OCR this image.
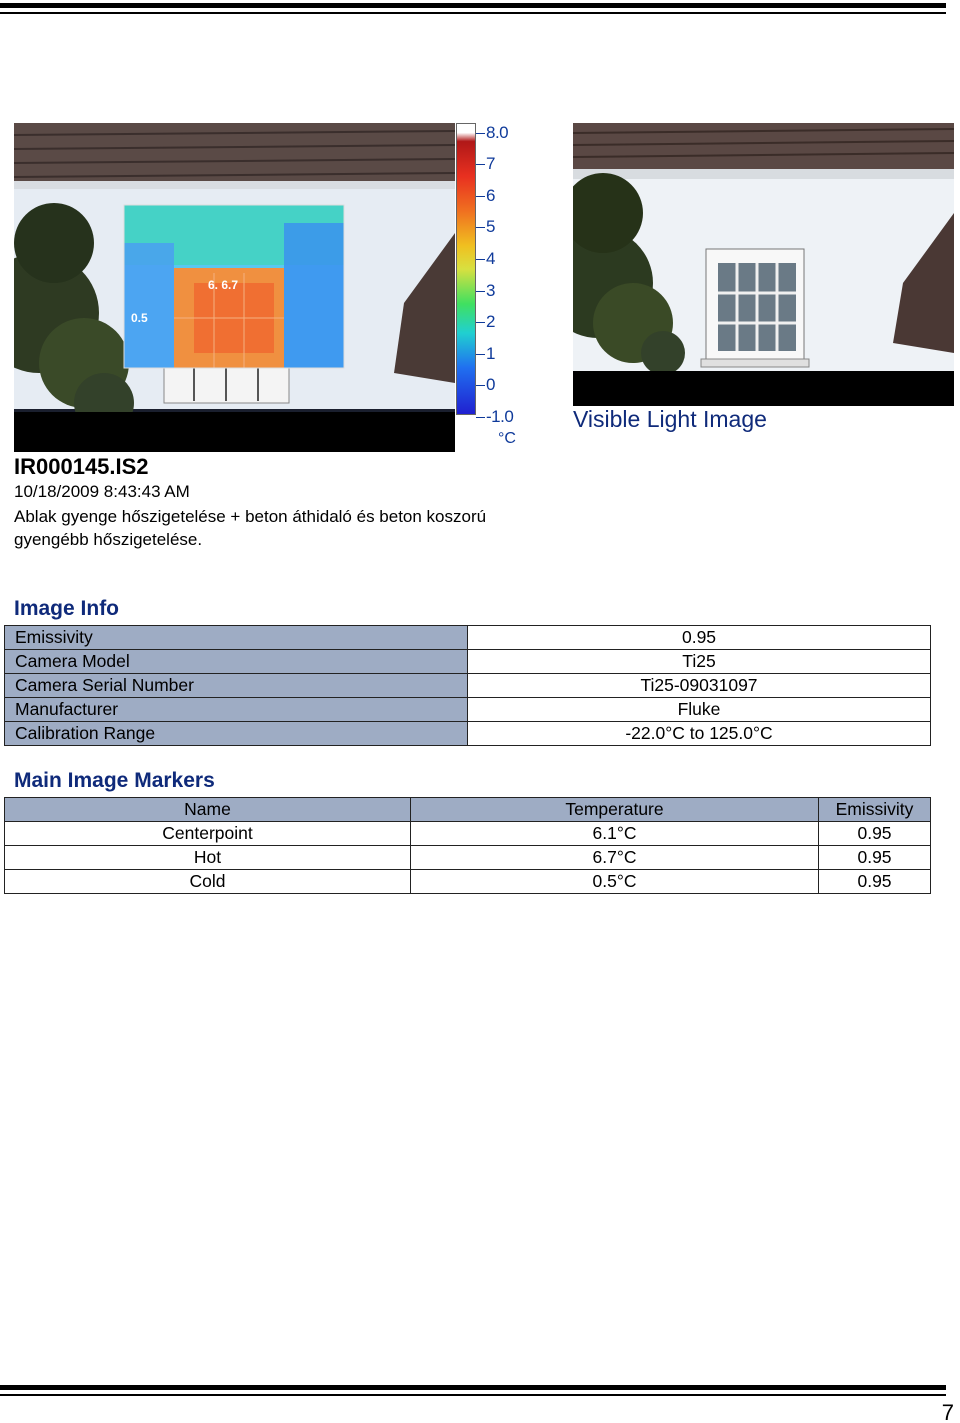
6. 6.7
0.5
8.0
7
6
5
4
3
2
1
0
-1.0
°C
Visible Light Image
IR000145.IS2
10/18/2009 8:43:43 AM
Ablak gyenge hőszigetelése + beton áthidaló és beton koszorú gyengébb hőszigetelése.
Image Info
Emissivity	0.95
Camera Model	Ti25
Camera Serial Number	Ti25-09031097
Manufacturer	Fluke
Calibration Range	-22.0°C to 125.0°C
Main Image Markers
Name	Temperature	Emissivity
Centerpoint	6.1°C	0.95
Hot	6.7°C	0.95
Cold	0.5°C	0.95
7
